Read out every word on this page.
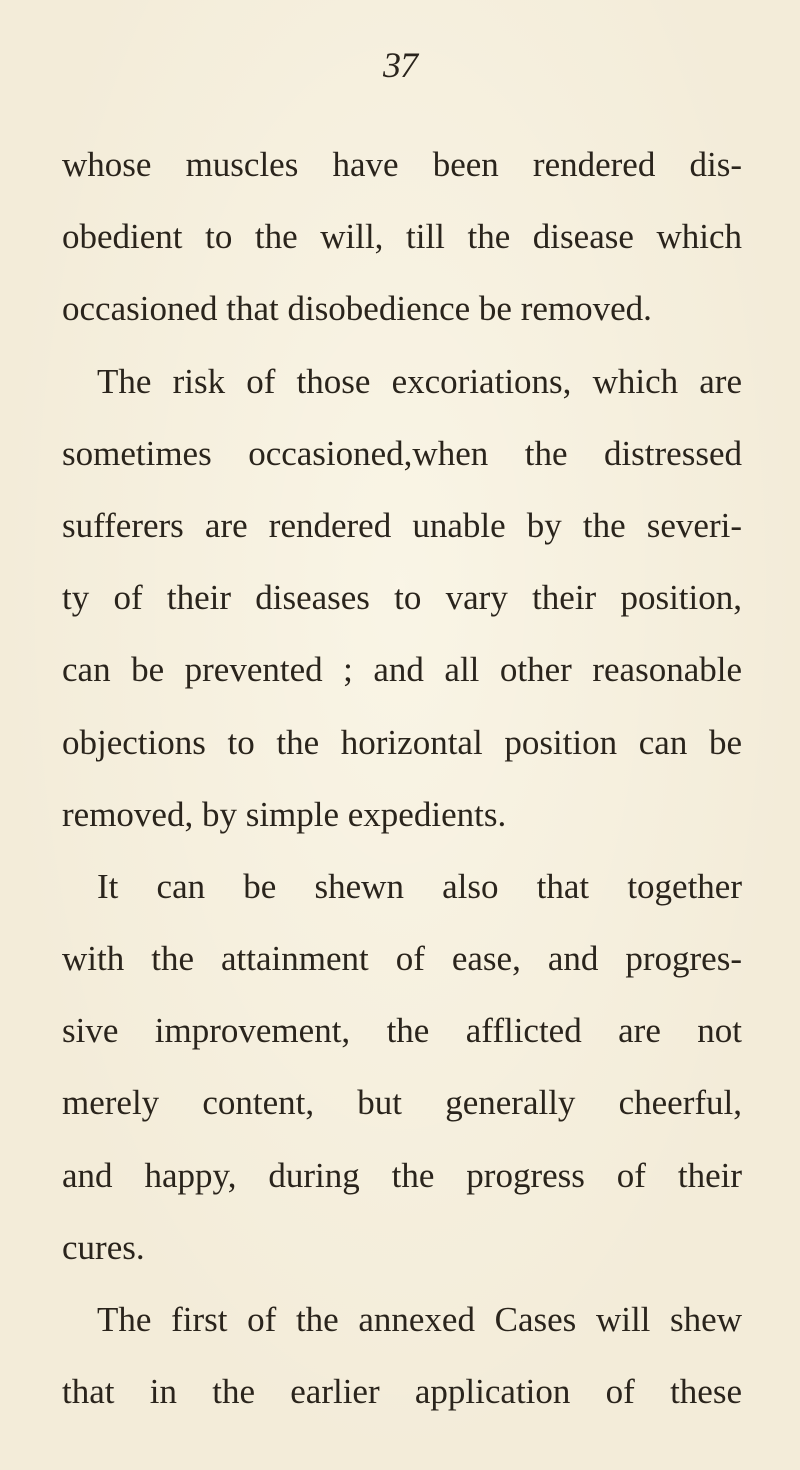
37
whose muscles have been rendered dis-
obedient to the will, till the disease which
occasioned that disobedience be removed.
The risk of those excoriations, which are
sometimes occasioned,when the distressed
sufferers are rendered unable by the severi-
ty of their diseases to vary their position,
can be prevented ; and all other reasonable
objections to the horizontal position can be
removed, by simple expedients.
It can be shewn also that together
with the attainment of ease, and progres-
sive improvement, the afflicted are not
merely content, but generally cheerful,
and happy, during the progress of their
cures.
The first of the annexed Cases will shew
that in the earlier application of these
